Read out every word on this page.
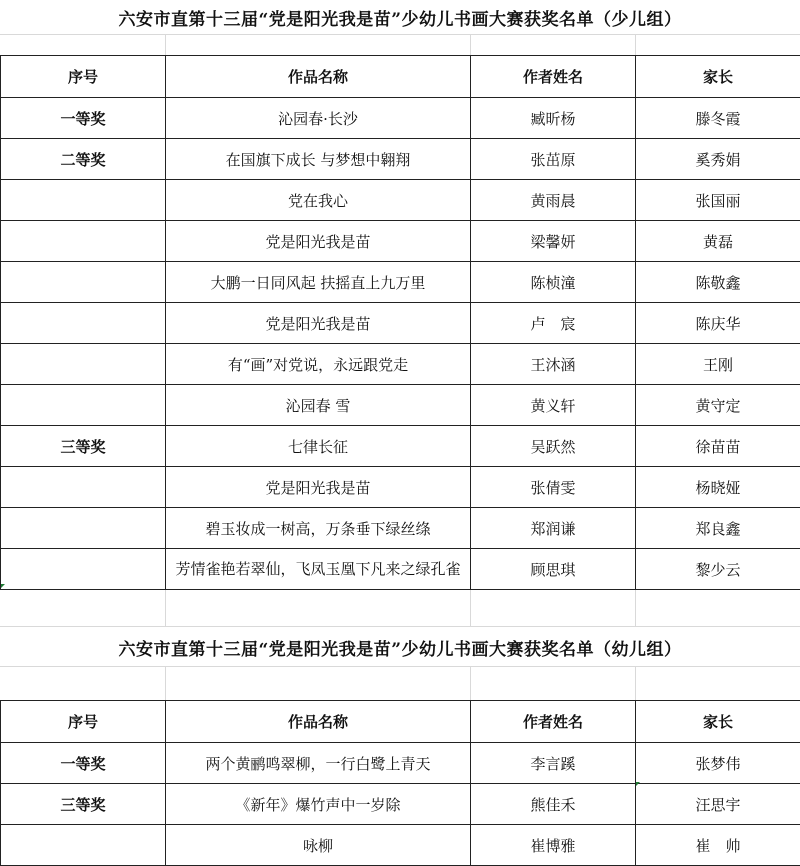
六安市直第十三届“党是阳光我是苗”少幼儿书画大赛获奖名单（少儿组）
序号	作品名称	作者姓名	家长
一等奖	沁园春·长沙	臧昕杨	滕冬霞
二等奖	在国旗下成长 与梦想中翱翔	张茁原	奚秀娟
	党在我心	黄雨晨	张国丽
	党是阳光我是苗	梁馨妍	黄磊
	大鹏一日同风起 扶摇直上九万里	陈桢潼	陈敬鑫
	党是阳光我是苗	卢　宸	陈庆华
	有“画”对党说，永远跟党走	王沐涵	王刚
	沁园春 雪	黄义轩	黄守定
三等奖	七律长征	吴跃然	徐苗苗
	党是阳光我是苗	张倩雯	杨晓娅
	碧玉妆成一树高，万条垂下绿丝绦	郑润谦	郑良鑫
	芳情雀艳若翠仙，飞凤玉凰下凡来之绿孔雀	顾思琪	黎少云
六安市直第十三届“党是阳光我是苗”少幼儿书画大赛获奖名单（幼儿组）
序号	作品名称	作者姓名	家长
一等奖	两个黄鹂鸣翠柳，一行白鹭上青天	李言蹊	张梦伟
三等奖	《新年》爆竹声中一岁除	熊佳禾	汪思宇
	咏柳	崔博雅	崔　帅
